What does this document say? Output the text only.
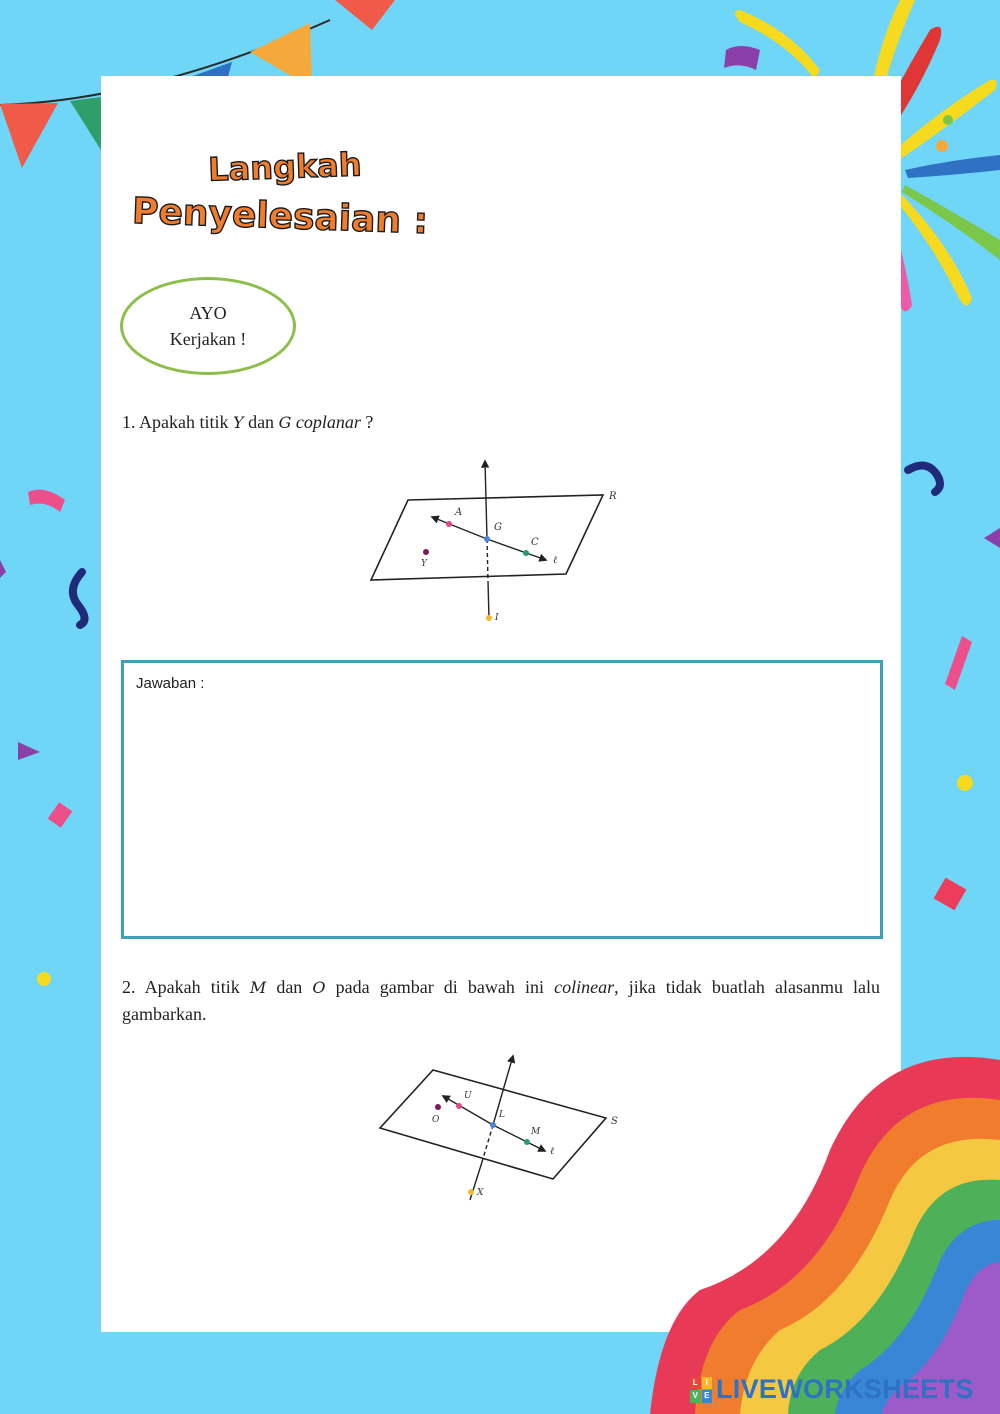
Langkah
Penyelesaian :
AYO
Kerjakan !
1. Apakah titik Y dan G coplanar ?
A
G
C
Y
I
ℓ
R
Jawaban :
2. Apakah titik M dan O pada gambar di bawah ini colinear, jika tidak buatlah alasanmu lalu
gambarkan.
U
O	L
M
X
ℓ
S
L I
V E LIVEWORKSHEETS
